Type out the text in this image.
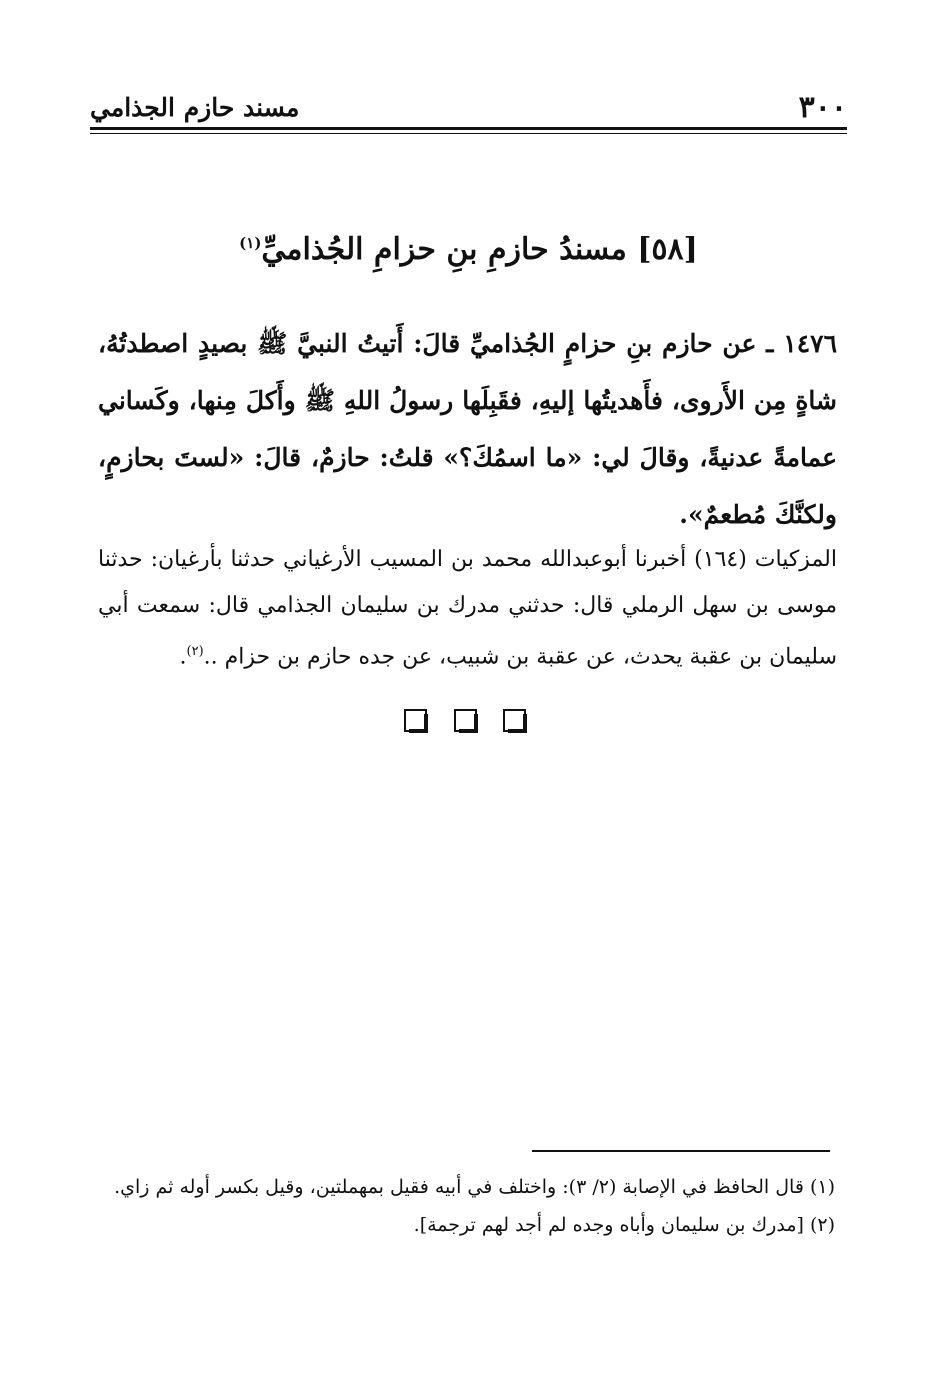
٣٠٠
مسند حازم الجذامي
[٥٨] مسندُ حازمِ بنِ حزامِ الجُذاميِّ$^{(١)}$

١٤٧٦ ـ عن حازم بنِ حزامٍ الجُذاميِّ قالَ: أَتيتُ النبيَّ ﷺ بصيدٍ اصطدتُهُ، شاةٍ مِن الأَروى، فأَهديتُها إليهِ، فقَبِلَها رسولُ اللهِ ﷺ وأَكلَ مِنها، وكَساني عمامةً عدنيةً، وقالَ لي: «ما اسمُكَ؟» قلتُ: حازمٌ، قالَ: «لستَ بحازمٍ، ولكنَّكَ مُطعمٌ».

المزكيات (١٦٤) أخبرنا أبوعبدالله محمد بن المسيب الأرغياني حدثنا بأرغيان: حدثنا موسى بن سهل الرملي قال: حدثني مدرك بن سليمان الجذامي قال: سمعت أبي سليمان بن عقبة يحدث، عن عقبة بن شبيب، عن جده حازم بن حزام ..$^{(٢)}$.

(١) قال الحافظ في الإصابة (٢/ ٣): واختلف في أبيه فقيل بمهملتين، وقيل بكسر أوله ثم زاي.

(٢) [مدرك بن سليمان وأباه وجده لم أجد لهم ترجمة].
